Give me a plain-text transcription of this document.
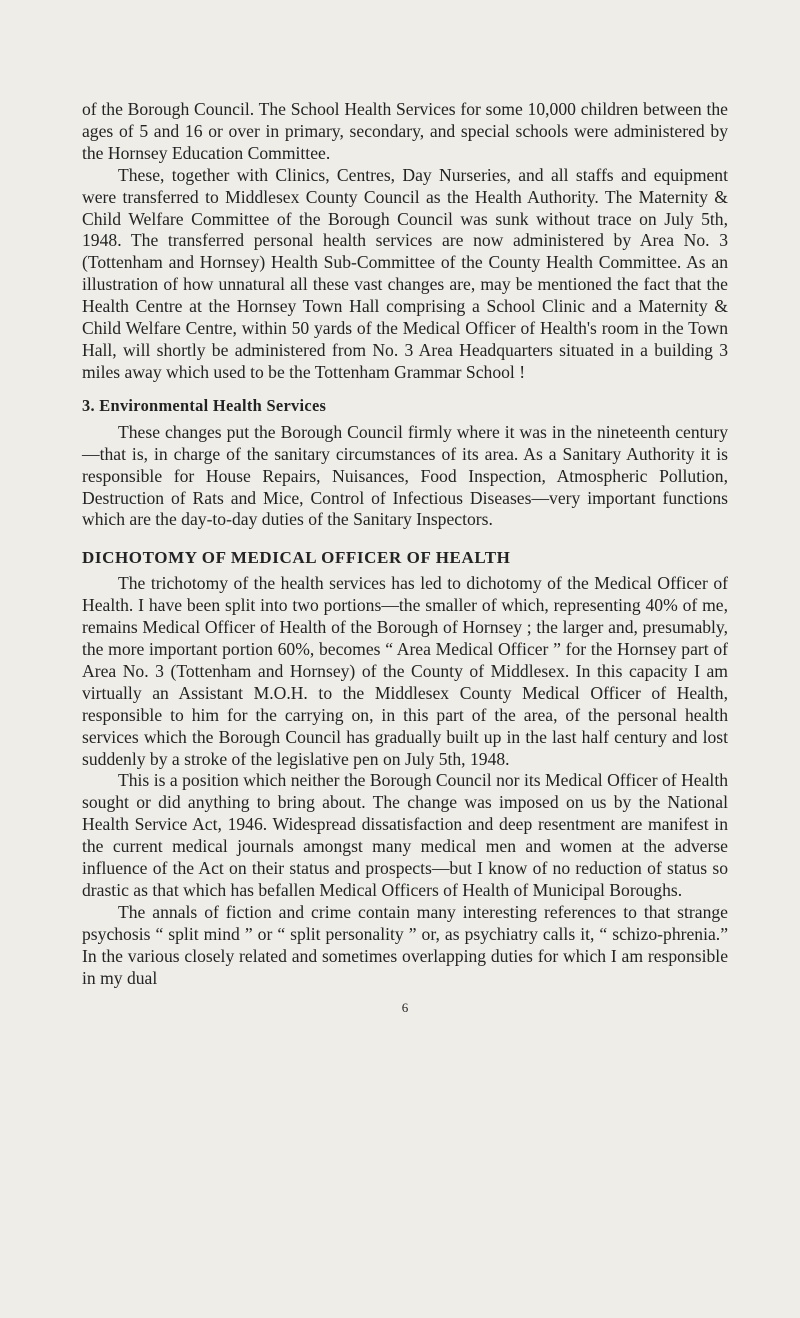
of the Borough Council. The School Health Services for some 10,000 children between the ages of 5 and 16 or over in primary, secondary, and special schools were administered by the Hornsey Education Committee.

These, together with Clinics, Centres, Day Nurseries, and all staffs and equipment were transferred to Middlesex County Council as the Health Authority. The Maternity & Child Welfare Committee of the Borough Council was sunk without trace on July 5th, 1948. The transferred personal health services are now administered by Area No. 3 (Tottenham and Hornsey) Health Sub-Committee of the County Health Committee. As an illustration of how unnatural all these vast changes are, may be mentioned the fact that the Health Centre at the Hornsey Town Hall comprising a School Clinic and a Maternity & Child Welfare Centre, within 50 yards of the Medical Officer of Health's room in the Town Hall, will shortly be administered from No. 3 Area Headquarters situated in a building 3 miles away which used to be the Tottenham Grammar School !

3. Environmental Health Services

These changes put the Borough Council firmly where it was in the nineteenth century—that is, in charge of the sanitary circumstances of its area. As a Sanitary Authority it is responsible for House Repairs, Nuisances, Food Inspection, Atmospheric Pollution, Destruction of Rats and Mice, Control of Infectious Diseases—very important functions which are the day-to-day duties of the Sanitary Inspectors.

DICHOTOMY OF MEDICAL OFFICER OF HEALTH

The trichotomy of the health services has led to dichotomy of the Medical Officer of Health. I have been split into two portions—the smaller of which, representing 40% of me, remains Medical Officer of Health of the Borough of Hornsey ; the larger and, presumably, the more important portion 60%, becomes “ Area Medical Officer ” for the Hornsey part of Area No. 3 (Tottenham and Hornsey) of the County of Middlesex. In this capacity I am virtually an Assistant M.O.H. to the Middlesex County Medical Officer of Health, responsible to him for the carrying on, in this part of the area, of the personal health services which the Borough Council has gradually built up in the last half century and lost suddenly by a stroke of the legislative pen on July 5th, 1948.

This is a position which neither the Borough Council nor its Medical Officer of Health sought or did anything to bring about. The change was imposed on us by the National Health Service Act, 1946. Widespread dissatisfaction and deep resentment are manifest in the current medical journals amongst many medical men and women at the adverse influence of the Act on their status and prospects—but I know of no reduction of status so drastic as that which has befallen Medical Officers of Health of Municipal Boroughs.

The annals of fiction and crime contain many interesting references to that strange psychosis “ split mind ” or “ split personality ” or, as psychiatry calls it, “ schizo-phrenia.” In the various closely related and sometimes overlapping duties for which I am responsible in my dual

6
